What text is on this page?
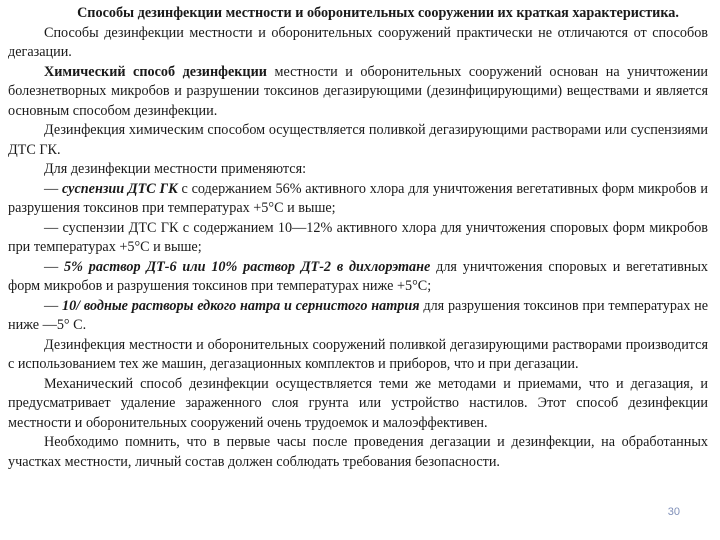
Способы дезинфекции местности и оборонительных сооружении их краткая характеристика.

Способы дезинфекции местности и оборонительных сооружений практически не отличаются от способов дегазации.

Химический способ дезинфекции местности и оборонительных сооружений основан на уничтожении болезнетворных микробов и разрушении токсинов дегазирующими (дезинфицирующими) веществами и является основным способом дезинфекции.

Дезинфекция химическим способом осуществляется поливкой дегазирующими растворами или суспензиями ДТС ГК.

Для дезинфекции местности применяются:

— суспензии ДТС ГК с содержанием 56% активного хлора для уничтожения вегетативных форм микробов и разрушения токсинов при температурах +5°С и выше;

— суспензии ДТС ГК с содержанием 10—12% активного хлора для уничтожения споровых форм микробов при температурах +5°С и выше;

— 5% раствор ДТ-6 или 10% раствор ДТ-2 в дихлорэтане для уничтожения споровых и вегетативных форм микробов и разрушения токсинов при температурах ниже +5°С;

— 10/ водные растворы едкого натра и сернистого натрия для разрушения токсинов при температурах не ниже —5° С.

Дезинфекция местности и оборонительных сооружений поливкой дегазирующими растворами производится с использованием тех же машин, дегазационных комплектов и приборов, что и при дегазации.

Механический способ дезинфекции осуществляется теми же методами и приемами, что и дегазация, и предусматривает удаление зараженного слоя грунта или устройство настилов. Этот способ дезинфекции местности и оборонительных сооружений очень трудоемок и малоэффективен.

Необходимо помнить, что в первые часы после проведения дегазации и дезинфекции, на обработанных участках местности, личный состав должен соблюдать требования безопасности.

30
